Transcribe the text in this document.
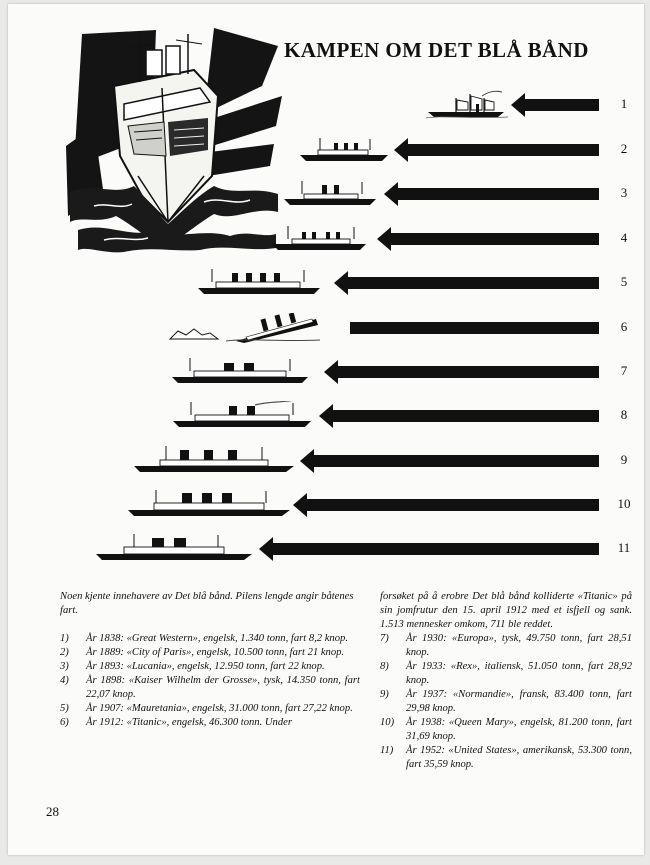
KAMPEN OM DET BLÅ BÅND
1
2
3
4
5
6
7
8
9
10
11
Noen kjente innehavere av Det blå bånd. Pilens lengde angir båtenes fart.
1) År 1838: «Great Western», engelsk, 1.340 tonn, fart 8,2 knop.
2) År 1889: «City of Paris», engelsk, 10.500 tonn, fart 21 knop.
3) År 1893: «Lucania», engelsk, 12.950 tonn, fart 22 knop.
4) År 1898: «Kaiser Wilhelm der Grosse», tysk, 14.350 tonn, fart 22,07 knop.
5) År 1907: «Mauretania», engelsk, 31.000 tonn, fart 27,22 knop.
6) År 1912: «Titanic», engelsk, 46.300 tonn. Under
forsøket på å erobre Det blå bånd kolliderte «Titanic» på sin jomfrutur den 15. april 1912 med et isfjell og sank. 1.513 mennesker omkom, 711 ble reddet.
7) År 1930: «Europa», tysk, 49.750 tonn, fart 28,51 knop.
8) År 1933: «Rex», italiensk, 51.050 tonn, fart 28,92 knop.
9) År 1937: «Normandie», fransk, 83.400 tonn, fart 29,98 knop.
10) År 1938: «Queen Mary», engelsk, 81.200 tonn, fart 31,69 knop.
11) År 1952: «United States», amerikansk, 53.300 tonn, fart 35,59 knop.
28
